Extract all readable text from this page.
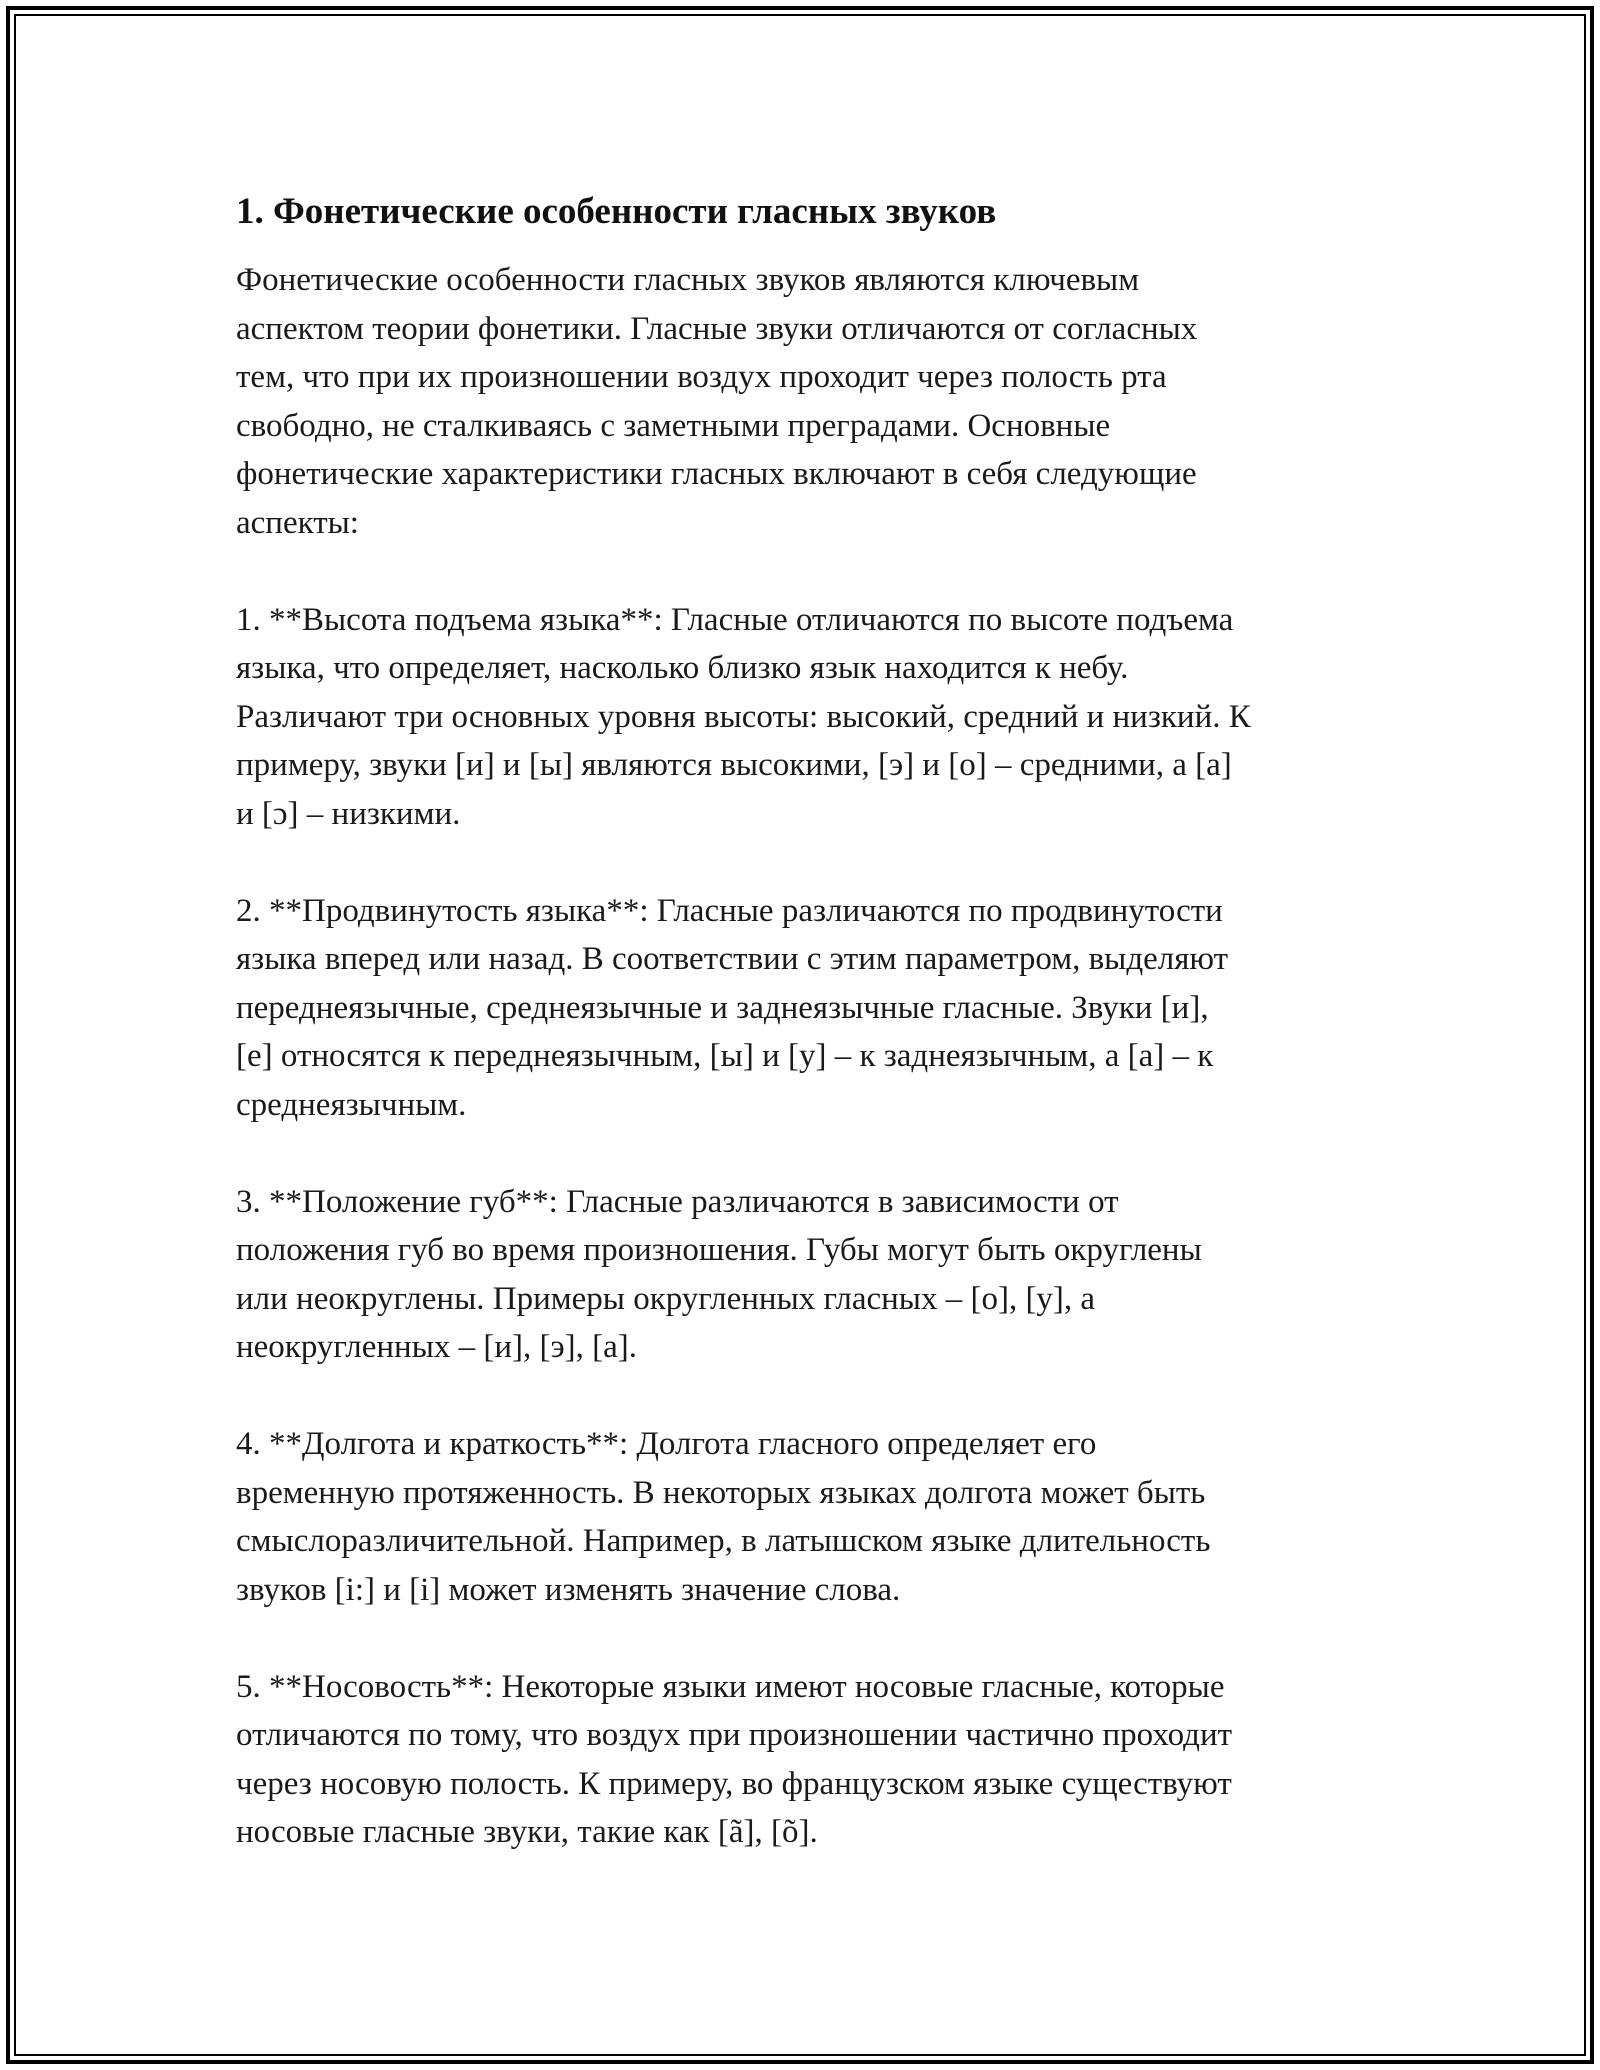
1. Фонетические особенности гласных звуков

Фонетические особенности гласных звуков являются ключевым
аспектом теории фонетики. Гласные звуки отличаются от согласных
тем, что при их произношении воздух проходит через полость рта
свободно, не сталкиваясь с заметными преградами. Основные
фонетические характеристики гласных включают в себя следующие
аспекты:

1. **Высота подъема языка**: Гласные отличаются по высоте подъема
языка, что определяет, насколько близко язык находится к небу.
Различают три основных уровня высоты: высокий, средний и низкий. К
примеру, звуки [и] и [ы] являются высокими, [э] и [о] – средними, а [а]
и [ɔ] – низкими.

2. **Продвинутость языка**: Гласные различаются по продвинутости
языка вперед или назад. В соответствии с этим параметром, выделяют
переднеязычные, среднеязычные и заднеязычные гласные. Звуки [и],
[е] относятся к переднеязычным, [ы] и [у] – к заднеязычным, а [а] – к
среднеязычным.

3. **Положение губ**: Гласные различаются в зависимости от
положения губ во время произношения. Губы могут быть округлены
или неокруглены. Примеры округленных гласных – [о], [у], а
неокругленных – [и], [э], [а].

4. **Долгота и краткость**: Долгота гласного определяет его
временную протяженность. В некоторых языках долгота может быть
смыслоразличительной. Например, в латышском языке длительность
звуков [i:] и [i] может изменять значение слова.

5. **Носовость**: Некоторые языки имеют носовые гласные, которые
отличаются по тому, что воздух при произношении частично проходит
через носовую полость. К примеру, во французском языке существуют
носовые гласные звуки, такие как [ã], [õ].
